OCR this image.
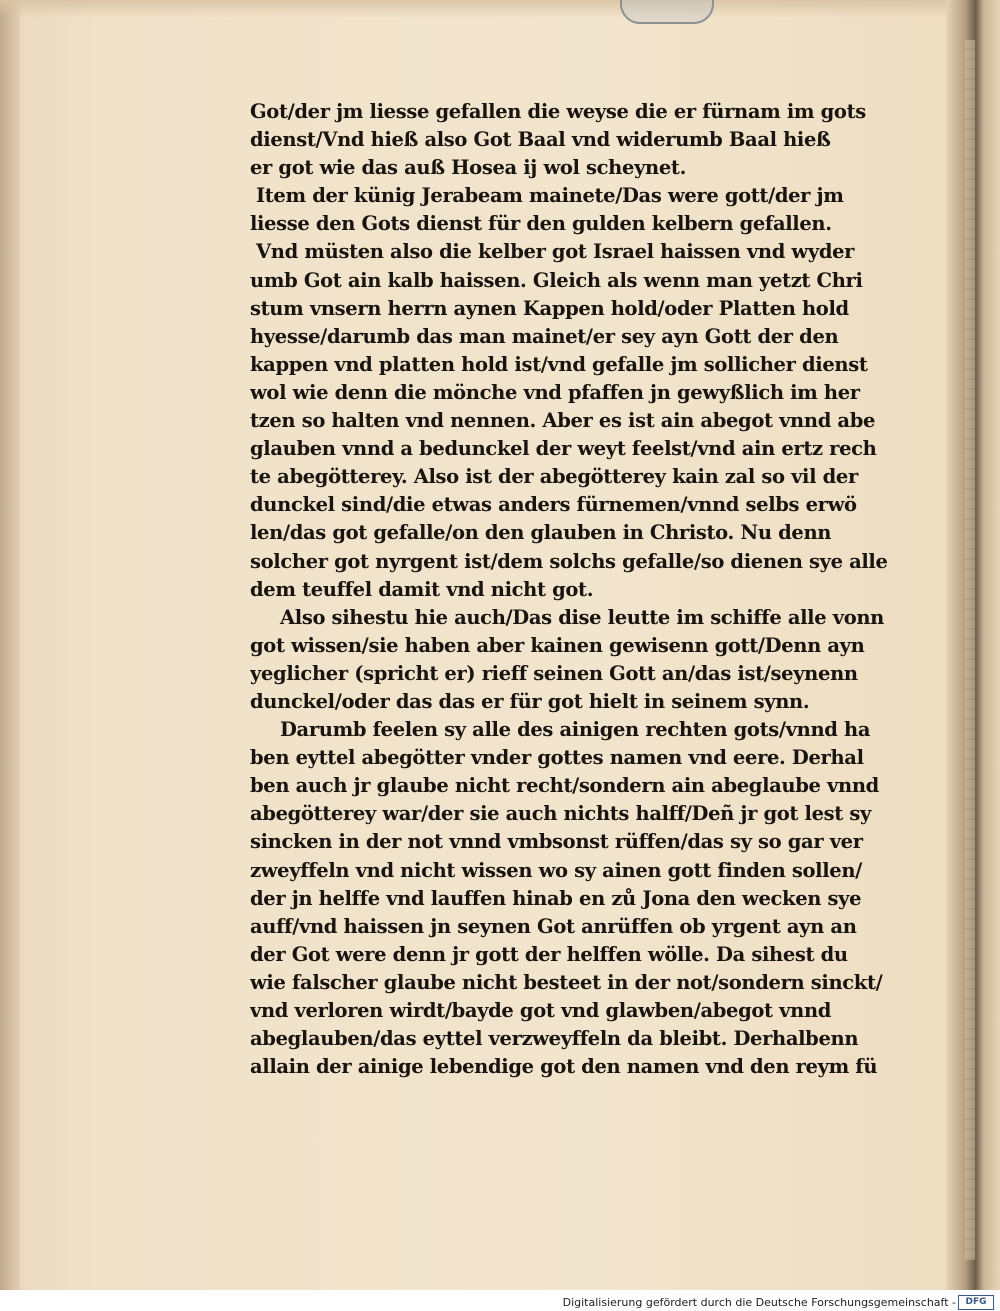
Got/der jm liesse gefallen die weyse die er fürnam im gots
dienst/Vnd hieß also Got Baal vnd widerumb Baal hieß
er got wie das auß Hosea ij wol scheynet.
Item der künig Jerabeam mainete/Das were gott/der jm
liesse den Gots dienst für den gulden kelbern gefallen.
Vnd müsten also die kelber got Israel haissen vnd wyder
umb Got ain kalb haissen. Gleich als wenn man yetzt Chri
stum vnsern herrn aynen Kappen hold/oder Platten hold
hyesse/darumb das man mainet/er sey ayn Gott der den
kappen vnd platten hold ist/vnd gefalle jm sollicher dienst
wol wie denn die mönche vnd pfaffen jn gewyßlich im her
tzen so halten vnd nennen. Aber es ist ain abegot vnnd abe
glauben vnnd a bedunckel der weyt feelst/vnd ain ertz rech
te abegötterey. Also ist der abegötterey kain zal so vil der
dunckel sind/die etwas anders fürnemen/vnnd selbs erwö
len/das got gefalle/on den glauben in Christo. Nu denn
solcher got nyrgent ist/dem solchs gefalle/so dienen sye alle
dem teuffel damit vnd nicht got.
Also sihestu hie auch/Das dise leutte im schiffe alle vonn
got wissen/sie haben aber kainen gewisenn gott/Denn ayn
yeglicher (spricht er) rieff seinen Gott an/das ist/seynenn
dunckel/oder das das er für got hielt in seinem synn.
Darumb feelen sy alle des ainigen rechten gots/vnnd ha
ben eyttel abegötter vnder gottes namen vnd eere. Derhal
ben auch jr glaube nicht recht/sondern ain abeglaube vnnd
abegötterey war/der sie auch nichts halff/Deñ jr got lest sy
sincken in der not vnnd vmbsonst rüffen/das sy so gar ver
zweyffeln vnd nicht wissen wo sy ainen gott finden sollen/
der jn helffe vnd lauffen hinab en zů Jona den wecken sye
auff/vnd haissen jn seynen Got anrüffen ob yrgent ayn an
der Got were denn jr gott der helffen wölle. Da sihest du
wie falscher glaube nicht besteet in der not/sondern sinckt/
vnd verloren wirdt/bayde got vnd glawben/abegot vnnd
abeglauben/das eyttel verzweyffeln da bleibt. Derhalbenn
allain der ainige lebendige got den namen vnd den reym fü
Digitalisierung gefördert durch die Deutsche Forschungsgemeinschaft -	DFG
